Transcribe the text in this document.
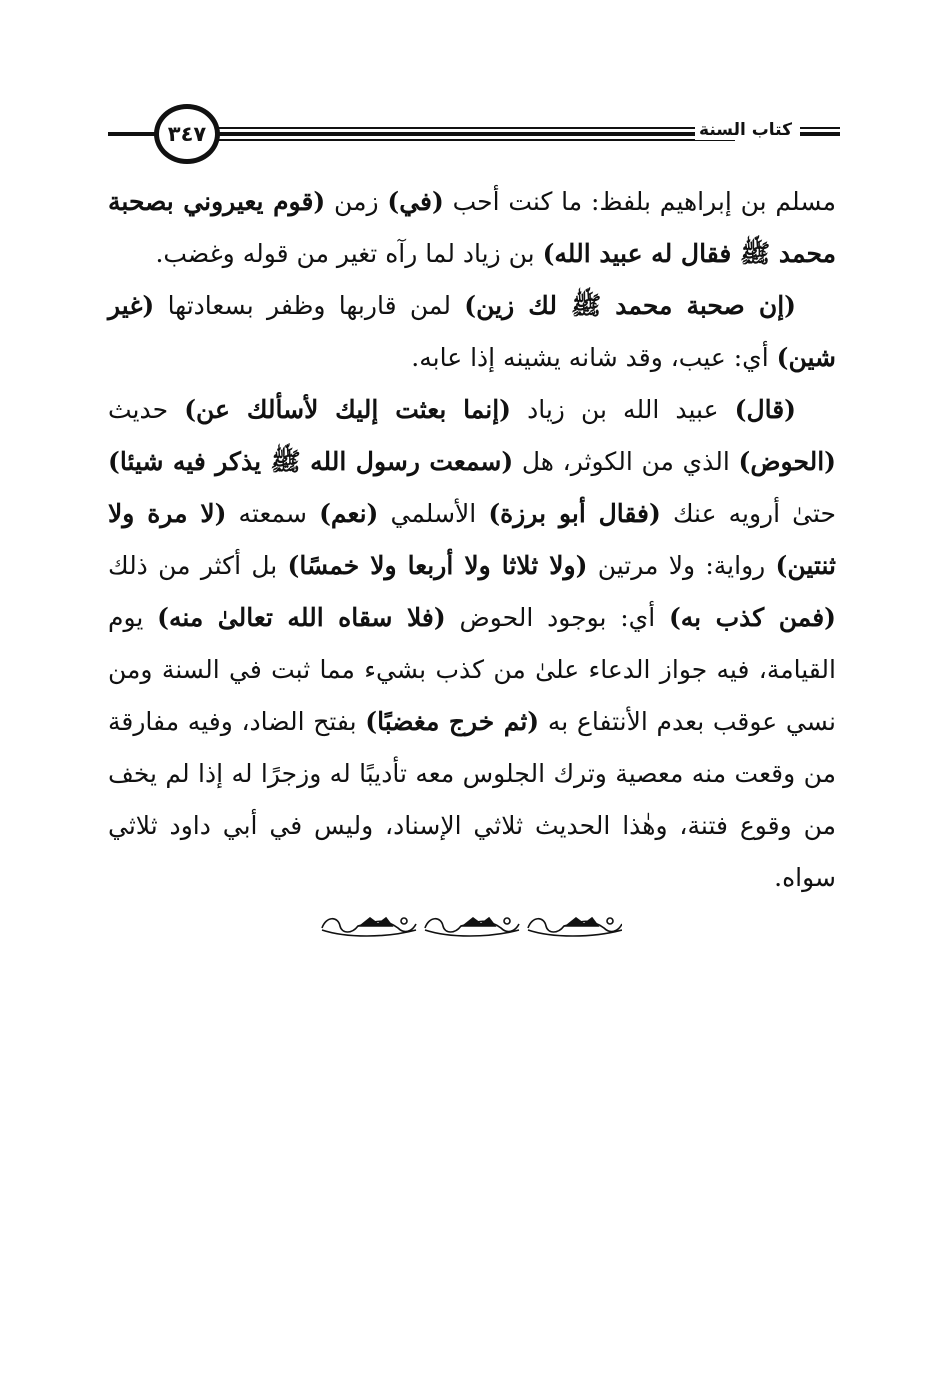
٣٤٧	كتاب السنة

مسلم بن إبراهيم بلفظ: ما كنت أحب (في) زمن (قوم يعيروني بصحبة محمد ﷺ فقال له عبيد الله) بن زياد لما رآه تغير من قوله وغضب.

(إن صحبة محمد ﷺ لك زين) لمن قاربها وظفر بسعادتها (غير شين) أي: عيب، وقد شانه يشينه إذا عابه.

(قال) عبيد الله بن زياد (إنما بعثت إليك لأسألك عن) حديث (الحوض) الذي من الكوثر، هل (سمعت رسول الله ﷺ يذكر فيه شيئا) حتىٰ أرويه عنك (فقال أبو برزة) الأسلمي (نعم) سمعته (لا مرة ولا ثنتين) رواية: ولا مرتين (ولا ثلاثا ولا أربعا ولا خمسًا) بل أكثر من ذلك (فمن كذب به) أي: بوجود الحوض (فلا سقاه الله تعالىٰ منه) يوم القيامة، فيه جواز الدعاء علىٰ من كذب بشيء مما ثبت في السنة ومن نسي عوقب بعدم الأنتفاع به (ثم خرج مغضبًا) بفتح الضاد، وفيه مفارقة من وقعت منه معصية وترك الجلوس معه تأديبًا له وزجرًا له إذا لم يخف من وقوع فتنة، وهٰذا الحديث ثلاثي الإسناد، وليس في أبي داود ثلاثي سواه.
